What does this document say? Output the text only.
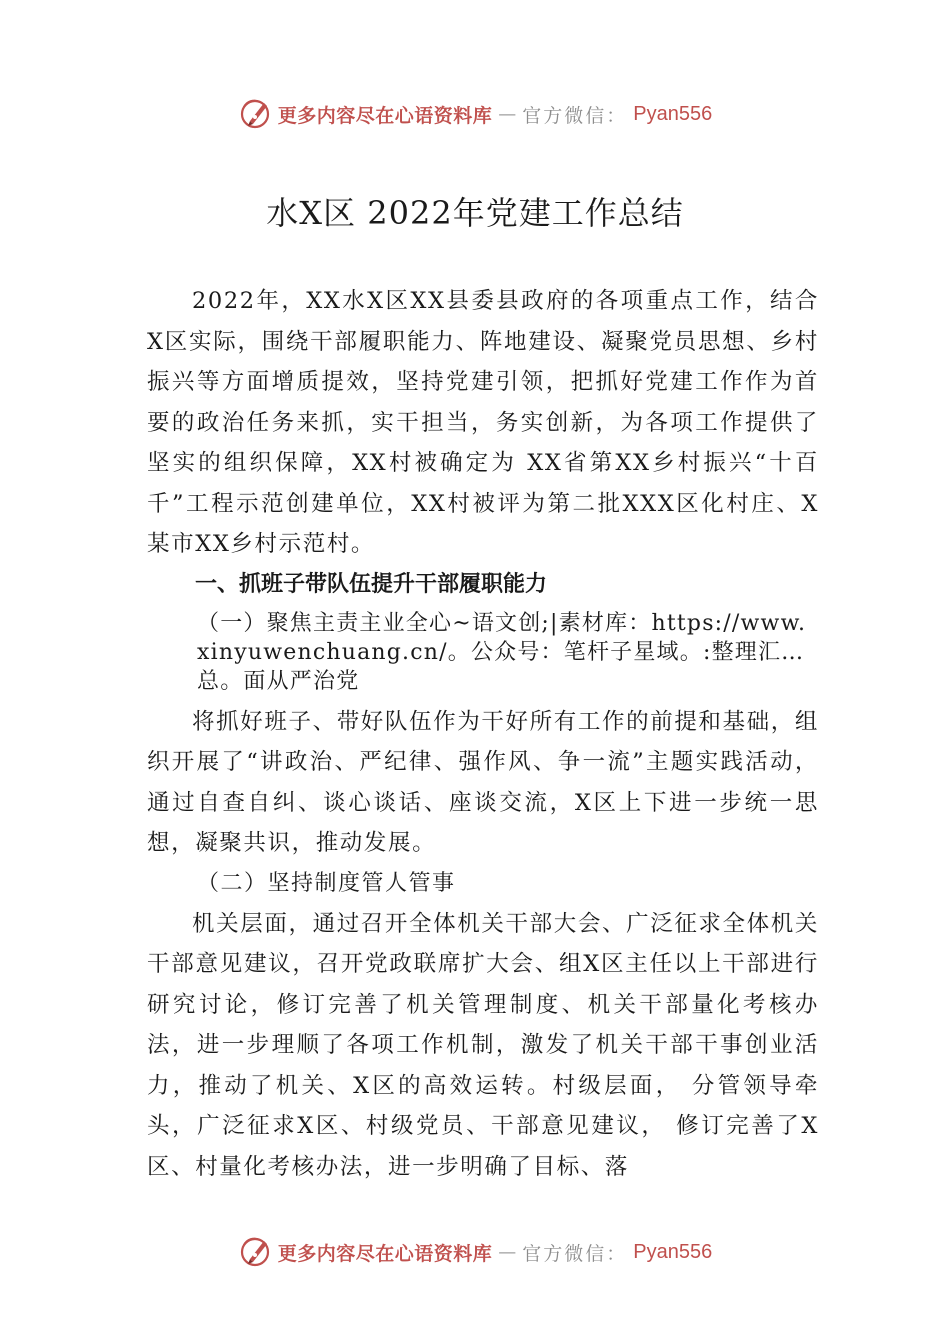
更多内容尽在心语资料库 — 官方微信： Pyan556
水X区 2022年党建工作总结

2022年，XX水X区XX县委县政府的各项重点工作，结合X区实际，围绕干部履职能力、阵地建设、凝聚党员思想、乡村振兴等方面增质提效，坚持党建引领，把抓好党建工作作为首要的政治任务来抓，实干担当，务实创新，为各项工作提供了坚实的组织保障，XX村被确定为 XX省第XX乡村振兴“十百千”工程示范创建单位，XX村被评为第二批XXX区化村庄、X某市XX乡村示范村。

一、抓班子带队伍提升干部履职能力

（一）聚焦主责主业全心~语文创;|素材库：https://www.xinyuwenchuang.cn/。公众号：笔杆子星域。:整理汇…总。面从严治党

将抓好班子、带好队伍作为干好所有工作的前提和基础，组织开展了“讲政治、严纪律、强作风、争一流”主题实践活动，通过自查自纠、谈心谈话、座谈交流，X区上下进一步统一思想，凝聚共识，推动发展。

（二）坚持制度管人管事

机关层面，通过召开全体机关干部大会、广泛征求全体机关干部意见建议，召开党政联席扩大会、组X区主任以上干部进行研究讨论，修订完善了机关管理制度、机关干部量化考核办法，进一步理顺了各项工作机制，激发了机关干部干事创业活力，推动了机关、X区的高效运转。村级层面， 分管领导牵头，广泛征求X区、村级党员、干部意见建议， 修订完善了X区、村量化考核办法，进一步明确了目标、落

更多内容尽在心语资料库 — 官方微信： Pyan556
